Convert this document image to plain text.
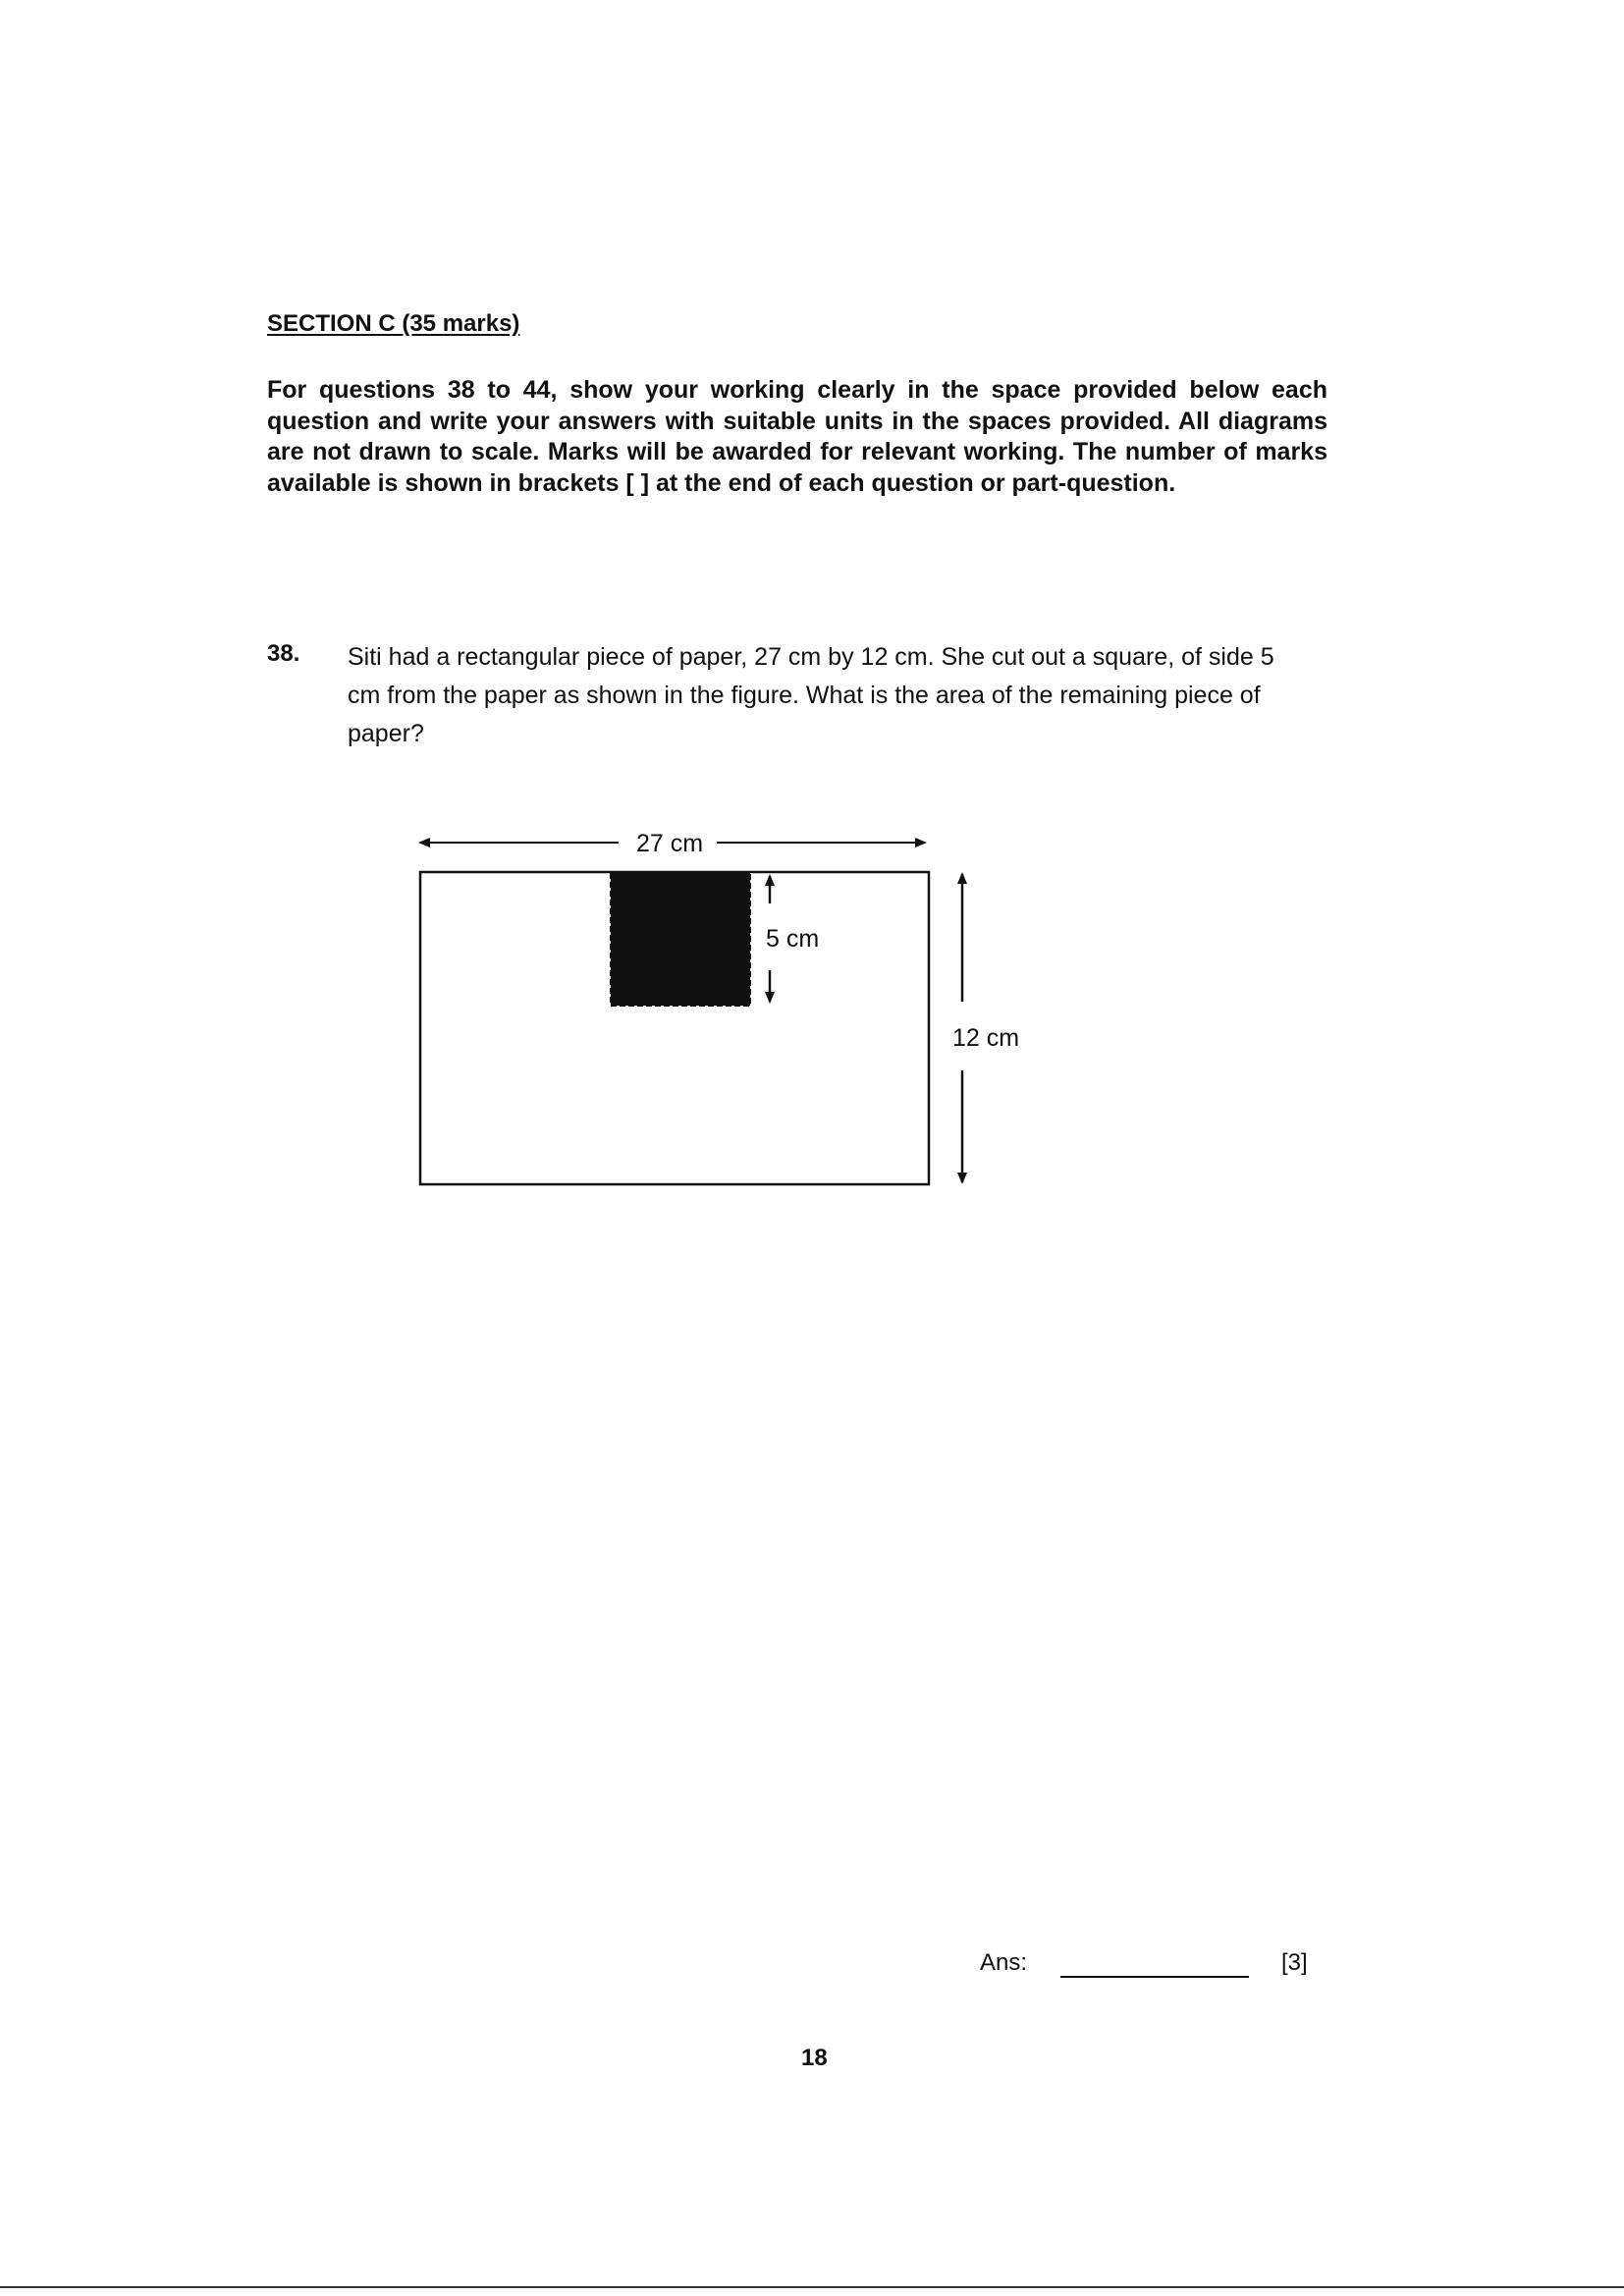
SECTION C (35 marks)

For questions 38 to 44, show your working clearly in the space provided below each question and write your answers with suitable units in the spaces provided. All diagrams are not drawn to scale. Marks will be awarded for relevant working. The number of marks available is shown in brackets [ ] at the end of each question or part-question.

38. Siti had a rectangular piece of paper, 27 cm by 12 cm. She cut out a square, of side 5 cm from the paper as shown in the figure. What is the area of the remaining piece of paper?

27 cm
5 cm
12 cm
Ans:	[3]
18
